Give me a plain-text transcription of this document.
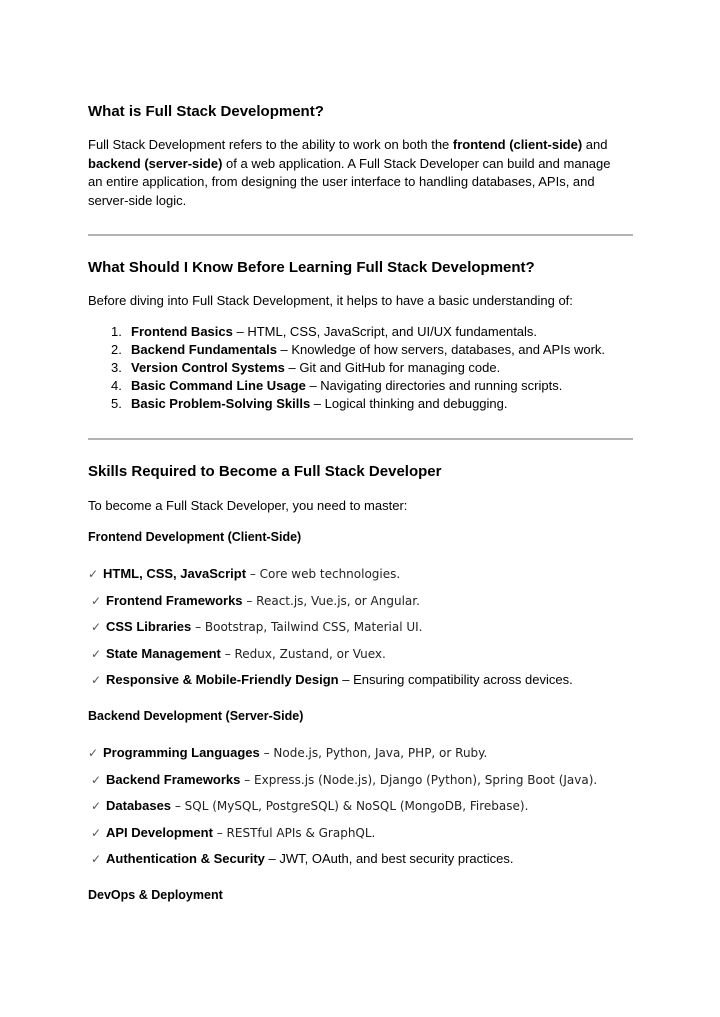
What is Full Stack Development?

Full Stack Development refers to the ability to work on both the frontend (client-side) and
backend (server-side) of a web application. A Full Stack Developer can build and manage
an entire application, from designing the user interface to handling databases, APIs, and
server-side logic.

What Should I Know Before Learning Full Stack Development?

Before diving into Full Stack Development, it helps to have a basic understanding of:

1. Frontend Basics – HTML, CSS, JavaScript, and UI/UX fundamentals.
2. Backend Fundamentals – Knowledge of how servers, databases, and APIs work.
3. Version Control Systems – Git and GitHub for managing code.
4. Basic Command Line Usage – Navigating directories and running scripts.
5. Basic Problem-Solving Skills – Logical thinking and debugging.
Skills Required to Become a Full Stack Developer

To become a Full Stack Developer, you need to master:

Frontend Development (Client-Side)
✓ HTML, CSS, JavaScript – Core web technologies.
✓ Frontend Frameworks – React.js, Vue.js, or Angular.
✓ CSS Libraries – Bootstrap, Tailwind CSS, Material UI.
✓ State Management – Redux, Zustand, or Vuex.
✓ Responsive & Mobile-Friendly Design – Ensuring compatibility across devices.
Backend Development (Server-Side)
✓ Programming Languages – Node.js, Python, Java, PHP, or Ruby.
✓ Backend Frameworks – Express.js (Node.js), Django (Python), Spring Boot (Java).
✓ Databases – SQL (MySQL, PostgreSQL) & NoSQL (MongoDB, Firebase).
✓ API Development – RESTful APIs & GraphQL.
✓ Authentication & Security – JWT, OAuth, and best security practices.
DevOps & Deployment
